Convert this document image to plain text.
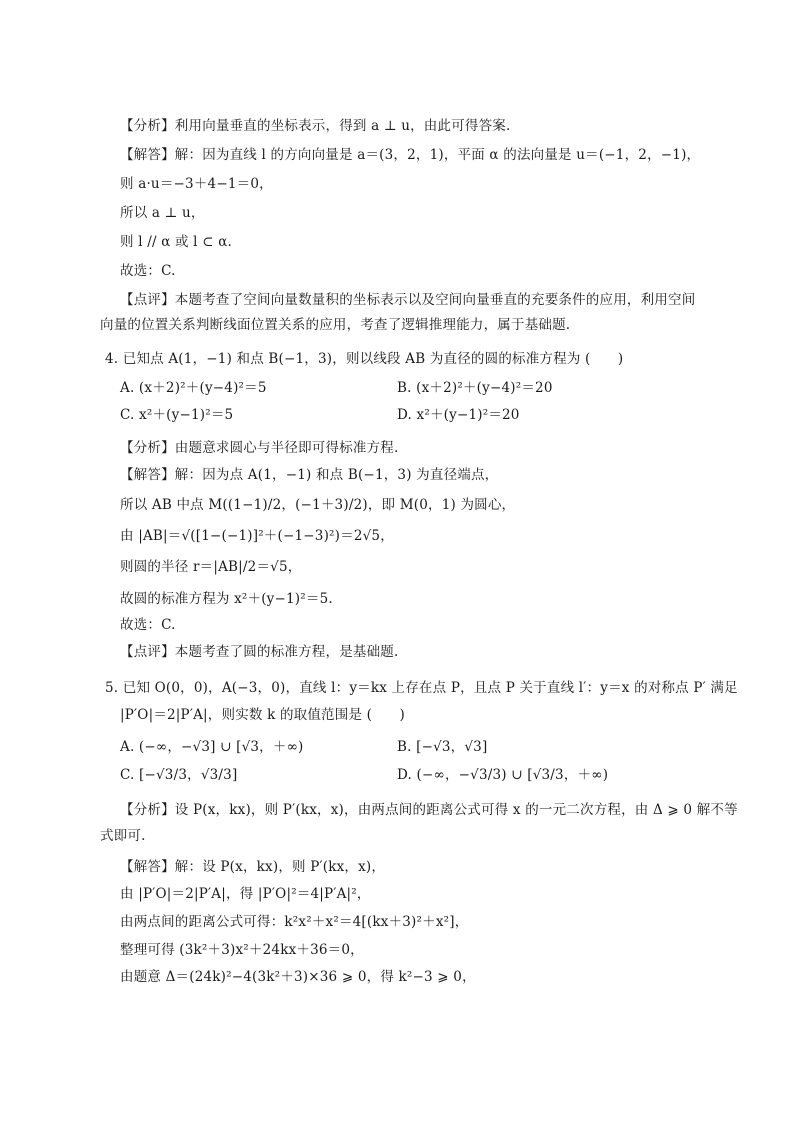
【分析】利用向量垂直的坐标表示，得到 a ⊥ u，由此可得答案.
【解答】解：因为直线 l 的方向向量是 a＝(3，2，1)，平面 α 的法向量是 u＝(−1，2，−1)，
则 a·u＝−3＋4−1＝0，
所以 a ⊥ u，
则 l // α 或 l ⊂ α.
故选：C.
【点评】本题考查了空间向量数量积的坐标表示以及空间向量垂直的充要条件的应用，利用空间
向量的位置关系判断线面位置关系的应用，考查了逻辑推理能力，属于基础题.
4. 已知点 A(1，−1) 和点 B(−1，3)，则以线段 AB 为直径的圆的标准方程为 (　　)
A. (x＋2)²＋(y−4)²＝5	B. (x＋2)²＋(y−4)²＝20
C. x²＋(y−1)²＝5	D. x²＋(y−1)²＝20
【分析】由题意求圆心与半径即可得标准方程.
【解答】解：因为点 A(1，−1) 和点 B(−1，3) 为直径端点，
所以 AB 中点 M((1−1)/2，(−1＋3)/2)，即 M(0，1) 为圆心，
由 |AB|＝√([1−(−1)]²＋(−1−3)²)＝2√5，
则圆的半径 r＝|AB|/2＝√5，
故圆的标准方程为 x²＋(y−1)²＝5.
故选：C.
【点评】本题考查了圆的标准方程，是基础题.
5. 已知 O(0，0)，A(−3，0)，直线 l：y＝kx 上存在点 P，且点 P 关于直线 l′：y＝x 的对称点 P′ 满足
|P′O|＝2|P′A|，则实数 k 的取值范围是 (　　)
A. (−∞，−√3] ∪ [√3，＋∞)	B. [−√3，√3]
C. [−√3/3，√3/3]	D. (−∞，−√3/3) ∪ [√3/3，＋∞)
【分析】设 P(x，kx)，则 P′(kx，x)，由两点间的距离公式可得 x 的一元二次方程，由 Δ ⩾ 0 解不等
式即可.
【解答】解：设 P(x，kx)，则 P′(kx，x)，
由 |P′O|＝2|P′A|，得 |P′O|²＝4|P′A|²，
由两点间的距离公式可得：k²x²＋x²＝4[(kx＋3)²＋x²]，
整理可得 (3k²＋3)x²＋24kx＋36＝0，
由题意 Δ＝(24k)²−4(3k²＋3)×36 ⩾ 0，得 k²−3 ⩾ 0，
